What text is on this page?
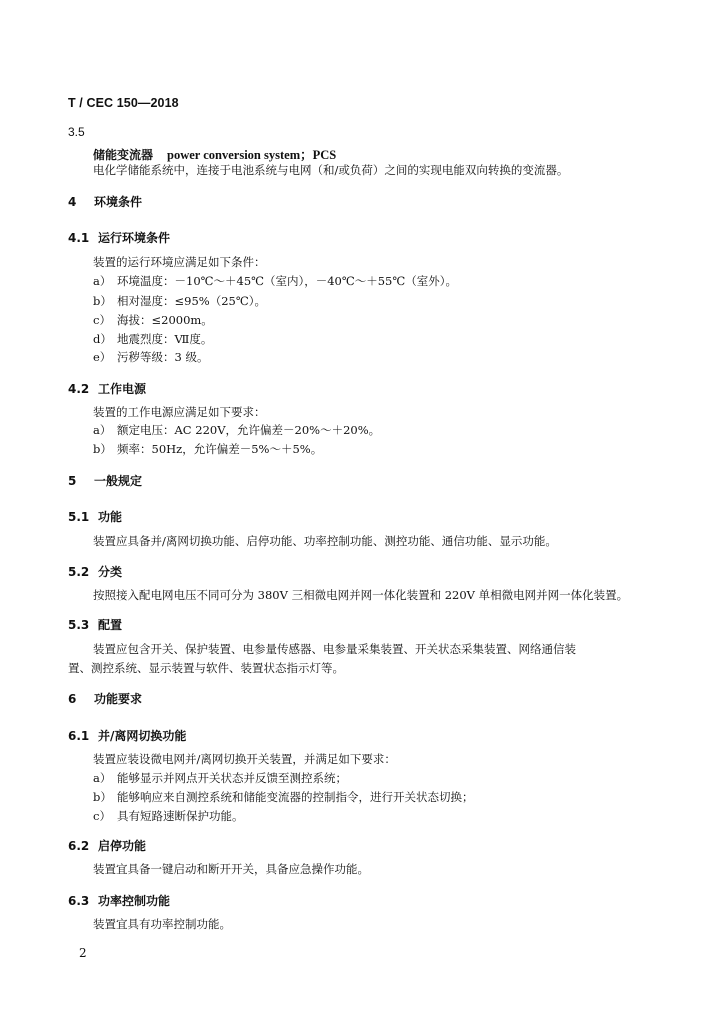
T / CEC 150—2018
3.5
储能变流器 power conversion system；PCS
电化学储能系统中，连接于电池系统与电网（和/或负荷）之间的实现电能双向转换的变流器。
4 环境条件
4.1 运行环境条件
装置的运行环境应满足如下条件：
a） 环境温度：－10℃～＋45℃（室内），－40℃～＋55℃（室外）。
b） 相对湿度：≤95%（25℃）。
c） 海拔：≤2000m。
d） 地震烈度：Ⅶ度。
e） 污秽等级：3 级。
4.2 工作电源
装置的工作电源应满足如下要求：
a） 额定电压：AC 220V，允许偏差－20%～＋20%。
b） 频率：50Hz，允许偏差－5%～＋5%。
5 一般规定
5.1 功能
装置应具备并/离网切换功能、启停功能、功率控制功能、测控功能、通信功能、显示功能。
5.2 分类
按照接入配电网电压不同可分为 380V 三相微电网并网一体化装置和 220V 单相微电网并网一体化装置。
5.3 配置
装置应包含开关、保护装置、电参量传感器、电参量采集装置、开关状态采集装置、网络通信装
置、测控系统、显示装置与软件、装置状态指示灯等。
6 功能要求
6.1 并/离网切换功能
装置应装设微电网并/离网切换开关装置，并满足如下要求：
a） 能够显示并网点开关状态并反馈至测控系统；
b） 能够响应来自测控系统和储能变流器的控制指令，进行开关状态切换；
c） 具有短路速断保护功能。
6.2 启停功能
装置宜具备一键启动和断开开关，具备应急操作功能。
6.3 功率控制功能
装置宜具有功率控制功能。
2
